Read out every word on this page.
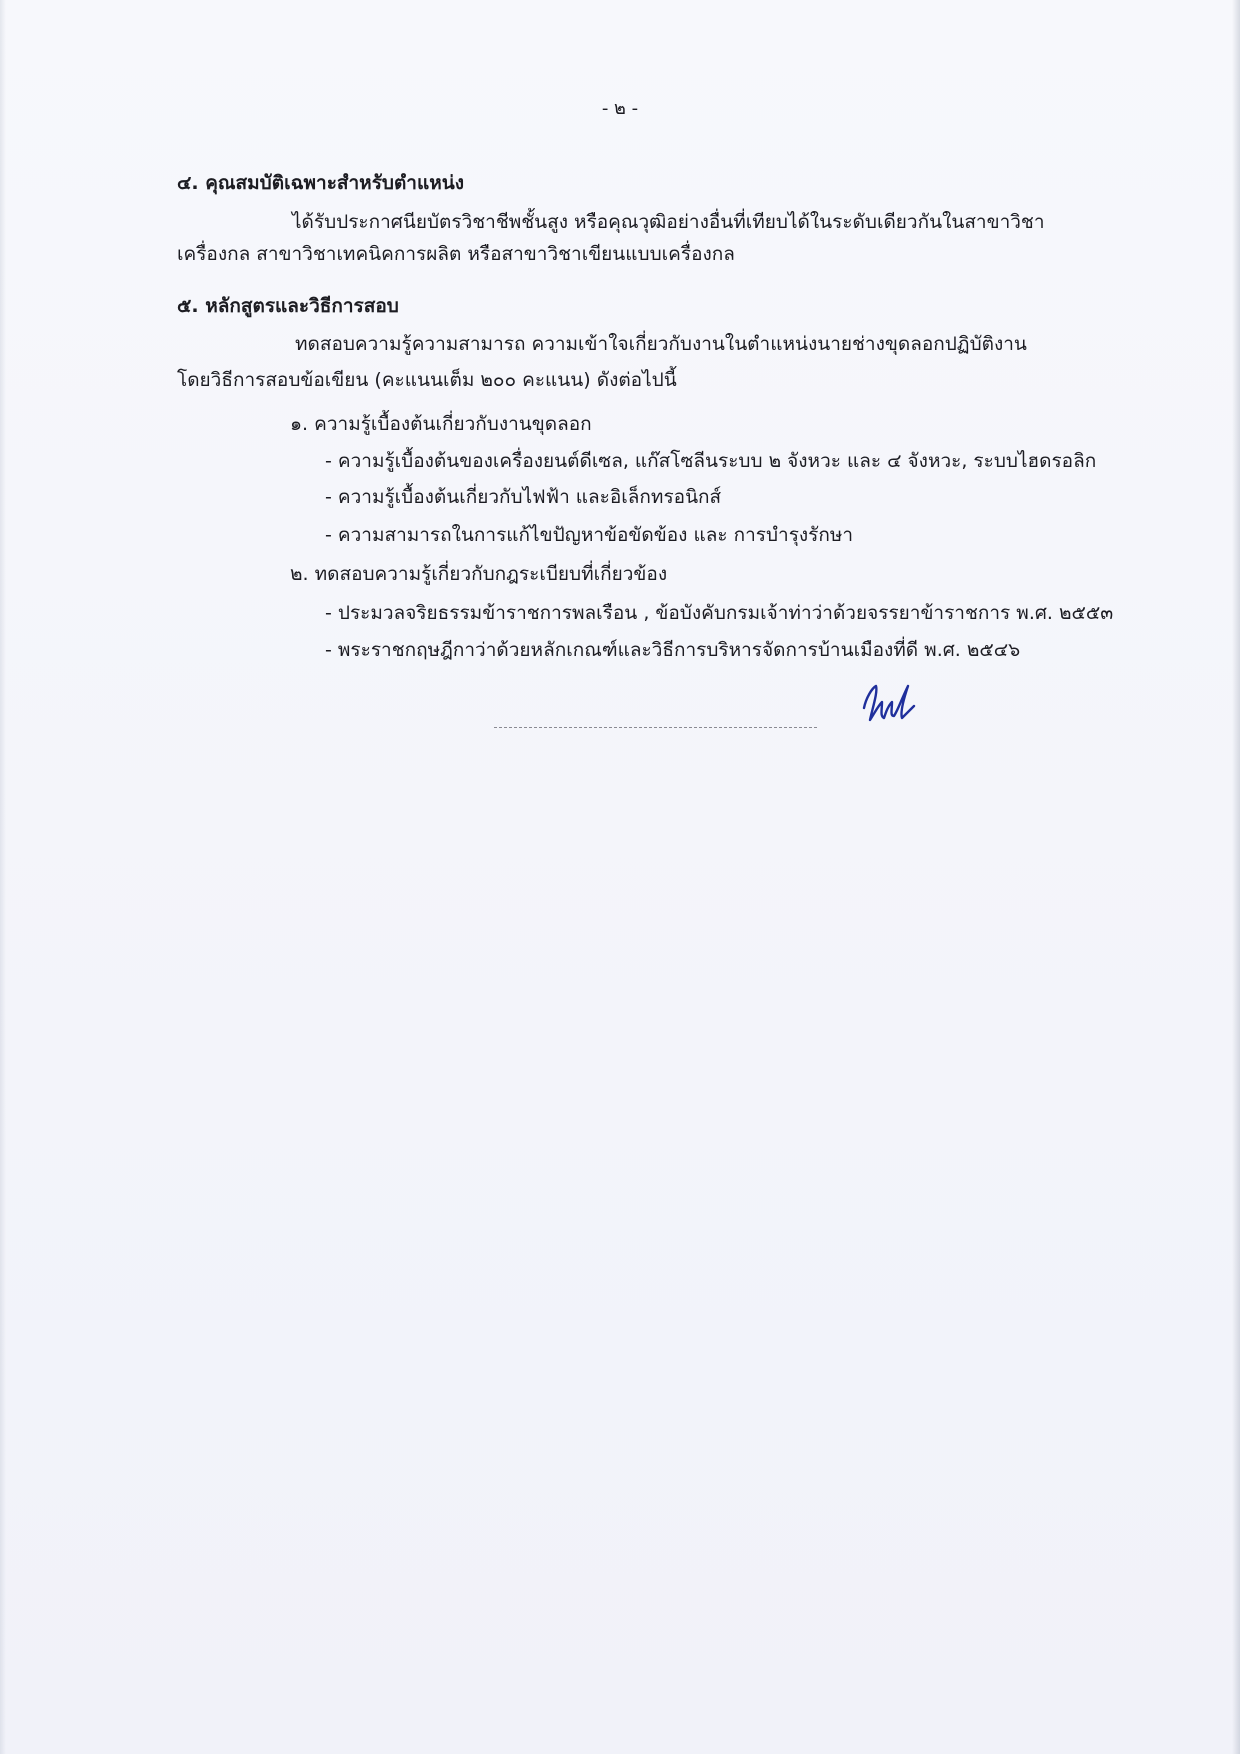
- ๒ -
๔. คุณสมบัติเฉพาะสำหรับตำแหน่ง
ได้รับประกาศนียบัตรวิชาชีพชั้นสูง หรือคุณวุฒิอย่างอื่นที่เทียบได้ในระดับเดียวกันในสาขาวิชา
เครื่องกล สาขาวิชาเทคนิคการผลิต หรือสาขาวิชาเขียนแบบเครื่องกล
๕. หลักสูตรและวิธีการสอบ
ทดสอบความรู้ความสามารถ ความเข้าใจเกี่ยวกับงานในตำแหน่งนายช่างขุดลอกปฏิบัติงาน
โดยวิธีการสอบข้อเขียน (คะแนนเต็ม ๒๐๐ คะแนน) ดังต่อไปนี้
๑. ความรู้เบื้องต้นเกี่ยวกับงานขุดลอก
- ความรู้เบื้องต้นของเครื่องยนต์ดีเซล, แก๊สโซลีนระบบ ๒ จังหวะ และ ๔ จังหวะ, ระบบไฮดรอลิก
- ความรู้เบื้องต้นเกี่ยวกับไฟฟ้า และอิเล็กทรอนิกส์
- ความสามารถในการแก้ไขปัญหาข้อขัดข้อง และ การบำรุงรักษา
๒. ทดสอบความรู้เกี่ยวกับกฎระเบียบที่เกี่ยวข้อง
- ประมวลจริยธรรมข้าราชการพลเรือน , ข้อบังคับกรมเจ้าท่าว่าด้วยจรรยาข้าราชการ พ.ศ. ๒๕๕๓
- พระราชกฤษฎีกาว่าด้วยหลักเกณฑ์และวิธีการบริหารจัดการบ้านเมืองที่ดี พ.ศ. ๒๕๔๖
